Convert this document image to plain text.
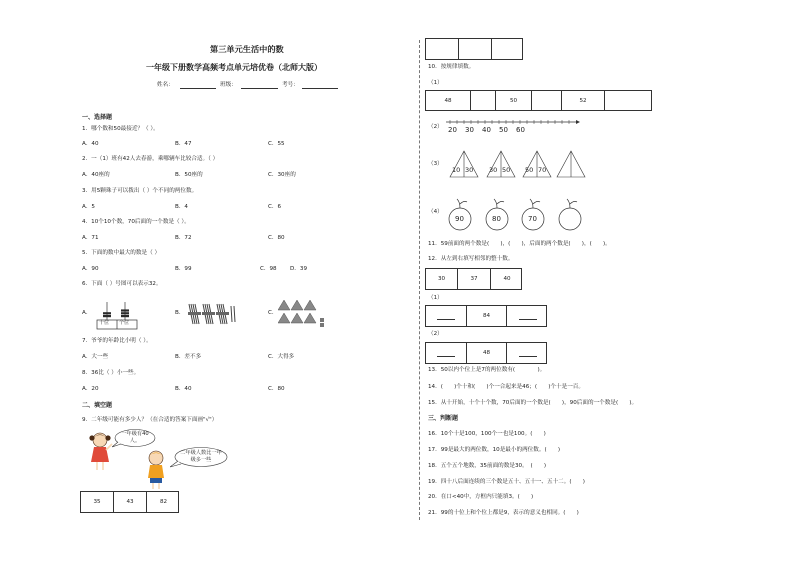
第三单元生活中的数
一年级下册数学高频考点单元培优卷（北师大版）
姓名：	班级：	考号：
一、选择题
1．哪个数和50最接近？（ ）。
A．40	B．47	C．55
2．一（1）班有42人去春游，乘哪辆车比较合适。（ ）
A．40座的	B．50座的	C．30座的
3．用5颗珠子可以拨出（ ）个不同的两位数。
A．5	B．4	C．6
4．10个10个数，70后面的一个数是（ ）。
A．71	B．72	C．80
5．下面的数中最大的数是（ ）
A．90	B．99	C．98 D．39
6．下面（ ）号图可以表示32。
A．
十位 个位
B．	C．
7．爷爷的年龄比小明（ ）。
A．大一些	B．差不多	C．大得多
8．36比（ ）小一些。
A．20	B．40	C．80
二、填空题
9．二年级可能有多少人？（在合适的答案下面画"√"）
一年级有40人。
二年级人数比一年级多一些
35	43	82
10．按规律填数。
（1）
48	50	52
（2） 20 30 40 50 60
（3）
10 30 30 50 50 70
（4）
90	80	70
11．59前面的两个数是(　　)，(　　)，后面的两个数是(　　)，(　　)。
12．从左到右填写相邻的整十数。
30	37	40
（1）
84
（2）
48
13．50以内个位上是7的两位数有(　　　　)。
14．(　　)个十和(　　)个一合起来是46；(　　)个十是一百。
15．从十开始，十个十个数，70后面的一个数是(　　)，90后面的一个数是(　　)。
三、判断题
16．10个十是100，100个一也是100。(　　)
17．99是最大的两位数，10是最小的两位数。(　　)
18．五个五个地数，35前面的数是30。　(　　)
19．四十八后面连续的三个数是五十、五十一、五十二。(　　)
20．在口<40中，方框内只能填3。(　　)
21．99的十位上和个位上都是9，表示的意义也相同。(　　)
